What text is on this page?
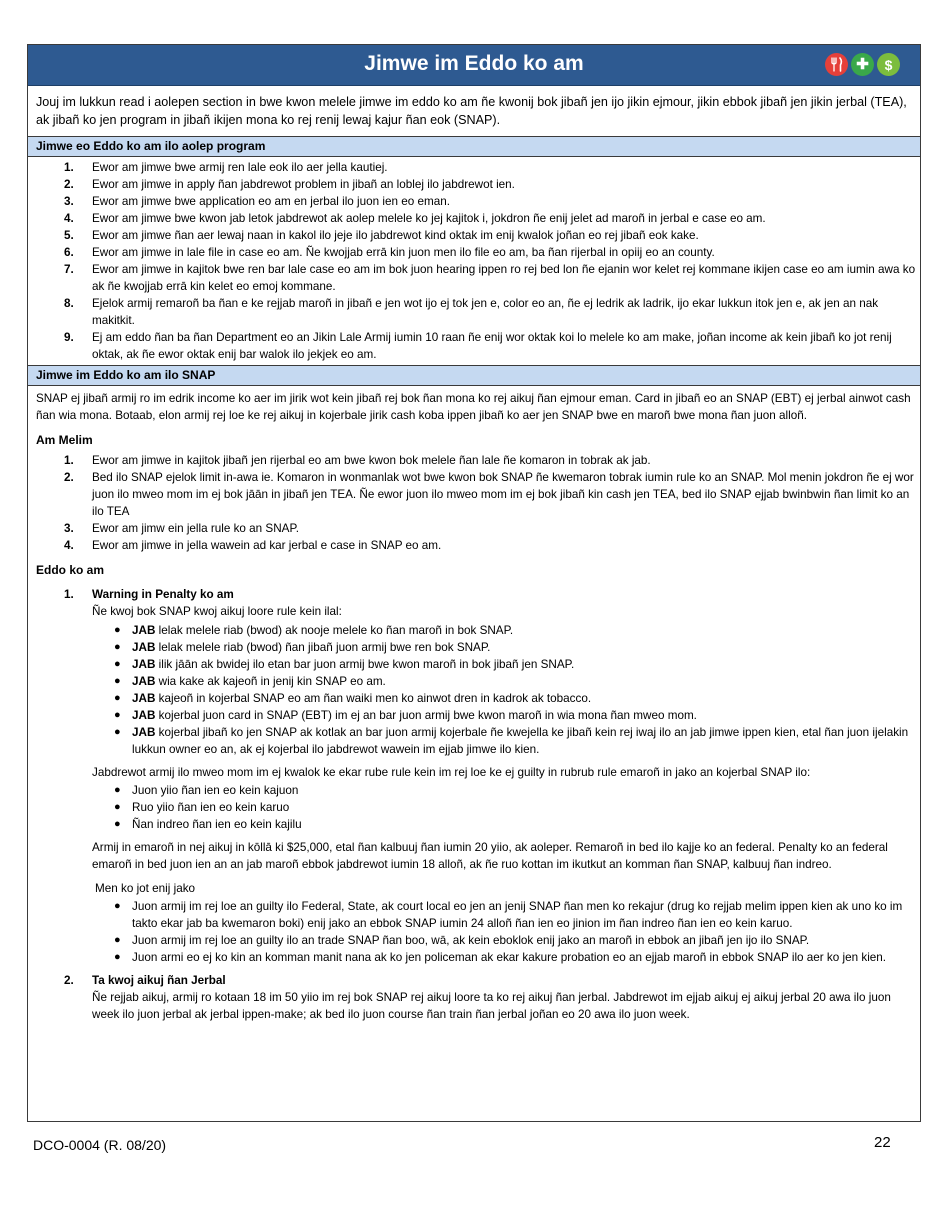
Jimwe im Eddo ko am	✚	$
Jouj im lukkun read i aolepen section in bwe kwon melele jimwe im eddo ko am ñe kwonij bok jibañ jen ijo jikin ejmour, jikin ebbok jibañ jen jikin jerbal (TEA), ak jibañ ko jen program in jibañ ikijen mona ko rej renij lewaj kajur ñan eok (SNAP).
Jimwe eo Eddo ko am ilo aolep program
1. Ewor am jimwe bwe armij ren lale eok ilo aer jella kautiej.
2. Ewor am jimwe in apply ñan jabdrewot problem in jibañ an loblej ilo jabdrewot ien.
3. Ewor am jimwe bwe application eo am en jerbal ilo juon ien eo eman.
4. Ewor am jimwe bwe kwon jab letok jabdrewot ak aolep melele ko jej kajitok i, jokdron ñe enij jelet ad maroñ in jerbal e case eo am.
5. Ewor am jimwe ñan aer lewaj naan in kakol ilo jeje ilo jabdrewot kind oktak im enij kwalok joñan eo rej jibañ eok kake.
6. Ewor am jimwe in lale file in case eo am. Ñe kwojjab errā kin juon men ilo file eo am, ba ñan rijerbal in opiij eo an county.
7. Ewor am jimwe in kajitok bwe ren bar lale case eo am im bok juon hearing ippen ro rej bed lon ñe ejanin wor kelet rej kommane ikijen case eo am iumin awa ko ak ñe kwojjab errā kin kelet eo emoj kommane.
8. Ejelok armij remaroñ ba ñan e ke rejjab maroñ in jibañ e jen wot ijo ej tok jen e, color eo an, ñe ej ledrik ak ladrik, ijo ekar lukkun itok jen e, ak jen an nak makitkit.
9. Ej am eddo ñan ba ñan Department eo an Jikin Lale Armij iumin 10 raan ñe enij wor oktak koi lo melele ko am make, joñan income ak kein jibañ ko jot renij oktak, ak ñe ewor oktak enij bar walok ilo jekjek eo am.
Jimwe im Eddo ko am ilo SNAP
SNAP ej jibañ armij ro im edrik income ko aer im jirik wot kein jibañ rej bok ñan mona ko rej aikuj ñan ejmour eman. Card in jibañ eo an SNAP (EBT) ej jerbal ainwot cash ñan wia mona. Botaab, elon armij rej loe ke rej aikuj in kojerbale jirik cash koba ippen jibañ ko aer jen SNAP bwe en maroñ bwe mona ñan juon alloñ.
Am Melim
1. Ewor am jimwe in kajitok jibañ jen rijerbal eo am bwe kwon bok melele ñan lale ñe komaron in tobrak ak jab.
2. Bed ilo SNAP ejelok limit in-awa ie. Komaron in wonmanlak wot bwe kwon bok SNAP ñe kwemaron tobrak iumin rule ko an SNAP. Mol menin jokdron ñe ej wor juon ilo mweo mom im ej bok jāān in jibañ jen TEA. Ñe ewor juon ilo mweo mom im ej bok jibañ kin cash jen TEA, bed ilo SNAP ejjab bwinbwin ñan limit ko an ilo TEA
3. Ewor am jimw ein jella rule ko an SNAP.
4. Ewor am jimwe in jella wawein ad kar jerbal e case in SNAP eo am.
Eddo ko am
1. Warning in Penalty ko am
Ñe kwoj bok SNAP kwoj aikuj loore rule kein ilal:
● JAB lelak melele riab (bwod) ak nooje melele ko ñan maroñ in bok SNAP.
● JAB lelak melele riab (bwod) ñan jibañ juon armij bwe ren bok SNAP.
● JAB ilik jāān ak bwidej ilo etan bar juon armij bwe kwon maroñ in bok jibañ jen SNAP.
● JAB wia kake ak kajeoñ in jenij kin SNAP eo am.
● JAB kajeoñ in kojerbal SNAP eo am ñan waiki men ko ainwot dren in kadrok ak tobacco.
● JAB kojerbal juon card in SNAP (EBT) im ej an bar juon armij bwe kwon maroñ in wia mona ñan mweo mom.
● JAB kojerbal jibañ ko jen SNAP ak kotlak an bar juon armij kojerbale ñe kwejella ke jibañ kein rej iwaj ilo an jab jimwe ippen kien, etal ñan juon ijelakin lukkun owner eo an, ak ej kojerbal ilo jabdrewot wawein im ejjab jimwe ilo kien.
Jabdrewot armij ilo mweo mom im ej kwalok ke ekar rube rule kein im rej loe ke ej guilty in rubrub rule emaroñ in jako an kojerbal SNAP ilo:
● Juon yiio ñan ien eo kein kajuon
● Ruo yiio ñan ien eo kein karuo
● Ñan indreo ñan ien eo kein kajilu
Armij in emaroñ in nej aikuj in kōllā ki $25,000, etal ñan kalbuuj ñan iumin 20 yiio, ak aoleper. Remaroñ in bed ilo kajje ko an federal. Penalty ko an federal emaroñ in bed juon ien an an jab maroñ ebbok jabdrewot iumin 18 alloñ, ak ñe ruo kottan im ikutkut an komman ñan SNAP, kalbuuj ñan indreo.
Men ko jot enij jako
● Juon armij im rej loe an guilty ilo Federal, State, ak court local eo jen an jenij SNAP ñan men ko rekajur (drug ko rejjab melim ippen kien ak uno ko im takto ekar jab ba kwemaron boki) enij jako an ebbok SNAP iumin 24 alloñ ñan ien eo jinion im ñan indreo ñan ien eo kein karuo.
● Juon armij im rej loe an guilty ilo an trade SNAP ñan boo, wā, ak kein eboklok enij jako an maroñ in ebbok an jibañ jen ijo ilo SNAP.
● Juon armi eo ej ko kin an komman manit nana ak ko jen policeman ak ekar kakure probation eo an ejjab maroñ in ebbok SNAP ilo aer ko jen kien.
2. Ta kwoj aikuj ñan Jerbal
Ñe rejjab aikuj, armij ro kotaan 18 im 50 yiio im rej bok SNAP rej aikuj loore ta ko rej aikuj ñan jerbal. Jabdrewot im ejjab aikuj ej aikuj jerbal 20 awa ilo juon week ilo juon jerbal ak jerbal ippen-make; ak bed ilo juon course ñan train ñan jerbal joñan eo 20 awa ilo juon week.
DCO-0004 (R. 08/20)	22
